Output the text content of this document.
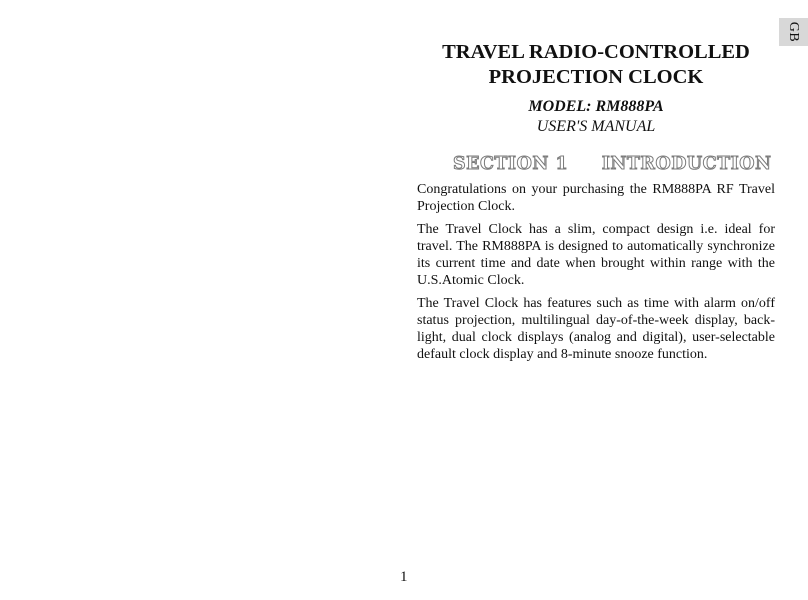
GB
TRAVEL RADIO-CONTROLLED
PROJECTION CLOCK
MODEL: RM888PA
USER'S MANUAL
SECTION 1 INTRODUCTION

Congratulations on your purchasing the RM888PA RF Travel Projection Clock.

The Travel Clock has a slim, compact design i.e. ideal for travel. The RM888PA is designed to automatically synchronize its current time and date when brought within range with the U.S.Atomic Clock.

The Travel Clock has features such as time with alarm on/off status projection, multilingual day-of-the-week display, back-light, dual clock displays (analog and digital), user-selectable default clock display and 8-minute snooze function.

1
